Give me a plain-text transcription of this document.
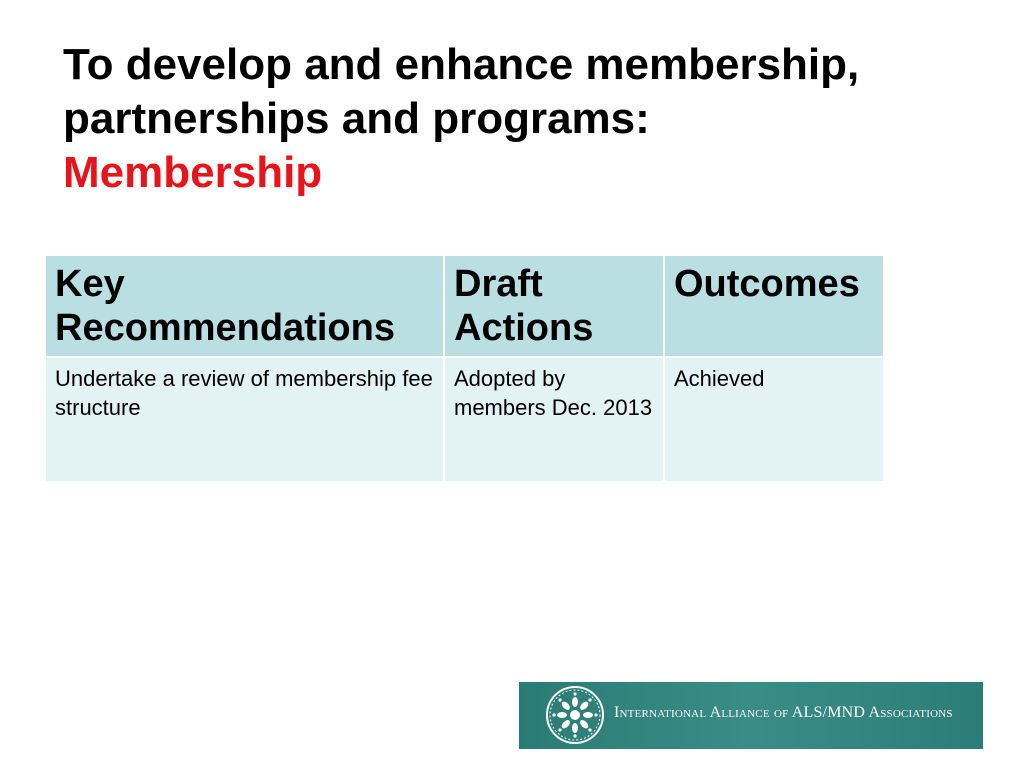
To develop and enhance membership,
partnerships and programs:
Membership
Key Recommendations	Draft Actions	Outcomes
Undertake a review of membership fee structure	Adopted by members Dec. 2013	Achieved
International Alliance of ALS/MND Associations
